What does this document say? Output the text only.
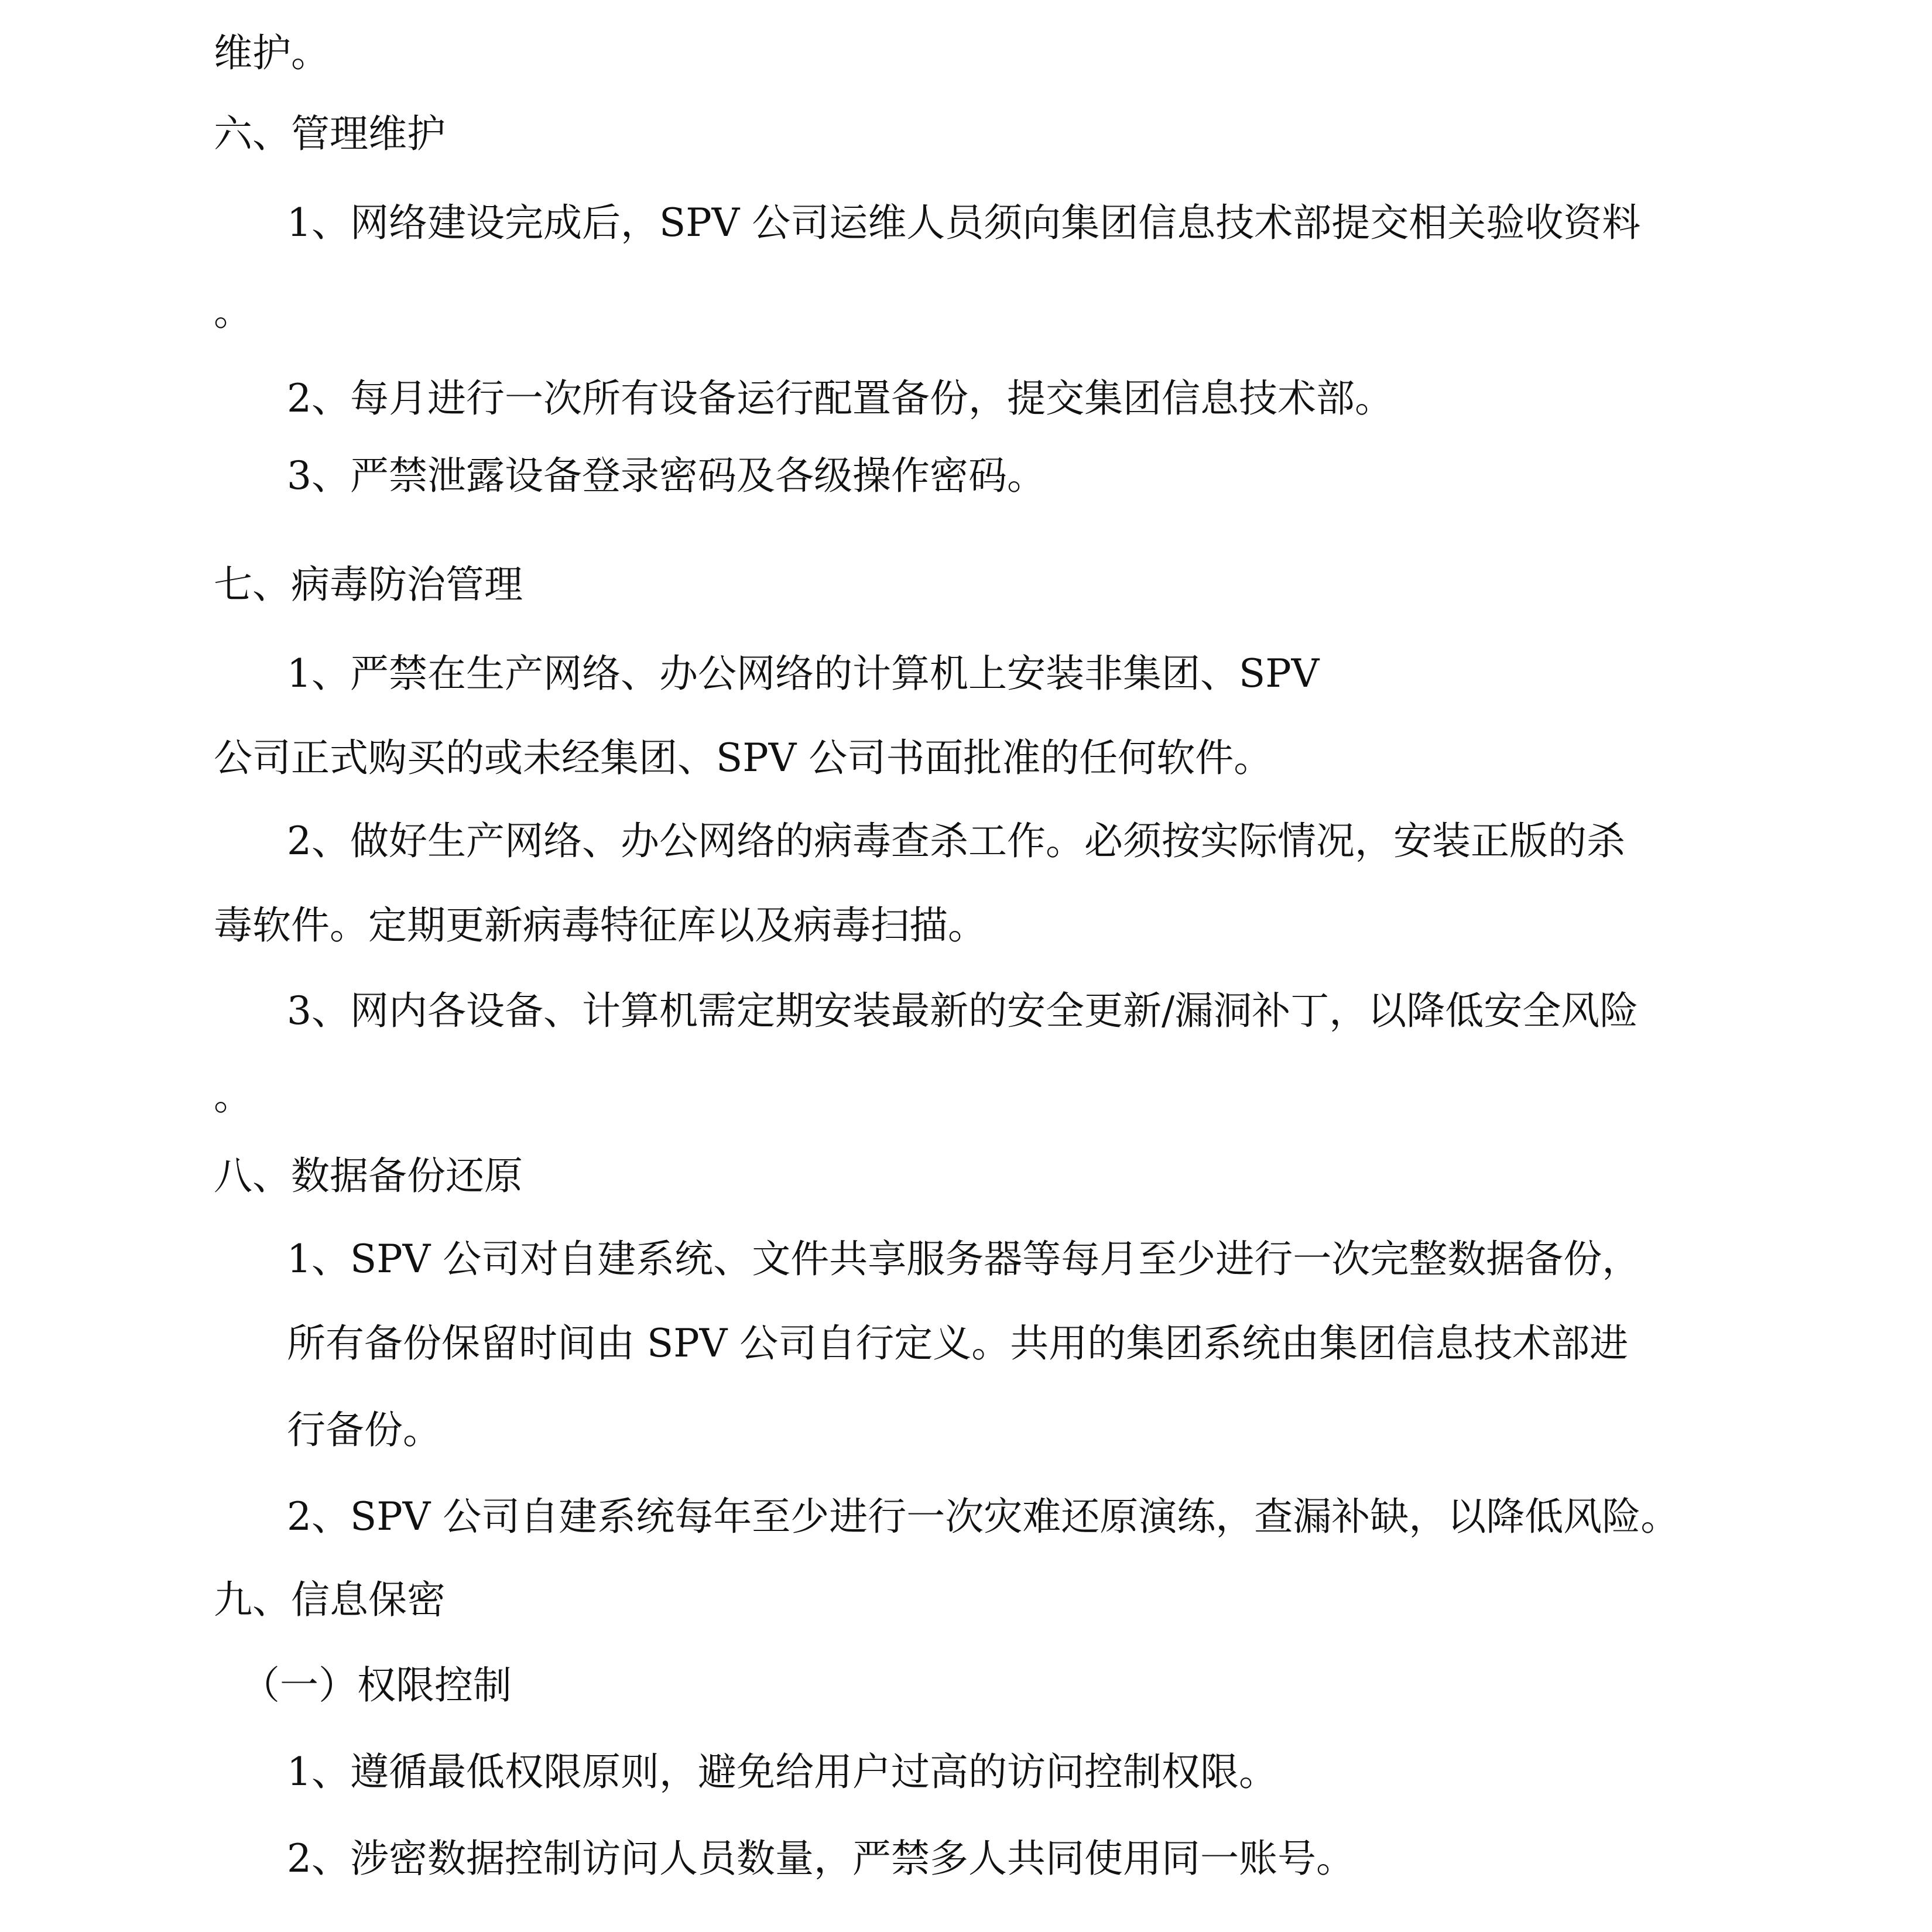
维护。
六、管理维护
1、网络建设完成后，SPV 公司运维人员须向集团信息技术部提交相关验收资料
。
2、每月进行一次所有设备运行配置备份，提交集团信息技术部。
3、严禁泄露设备登录密码及各级操作密码。
七、病毒防治管理
1、严禁在生产网络、办公网络的计算机上安装非集团、SPV
公司正式购买的或未经集团、SPV 公司书面批准的任何软件。
2、做好生产网络、办公网络的病毒查杀工作。必须按实际情况，安装正版的杀
毒软件。定期更新病毒特征库以及病毒扫描。
3、网内各设备、计算机需定期安装最新的安全更新/漏洞补丁，以降低安全风险
。
八、数据备份还原
1、SPV 公司对自建系统、文件共享服务器等每月至少进行一次完整数据备份，
所有备份保留时间由 SPV 公司自行定义。共用的集团系统由集团信息技术部进
行备份。
2、SPV 公司自建系统每年至少进行一次灾难还原演练，查漏补缺，以降低风险。
九、信息保密
（一）权限控制
1、遵循最低权限原则，避免给用户过高的访问控制权限。
2、涉密数据控制访问人员数量，严禁多人共同使用同一账号。
